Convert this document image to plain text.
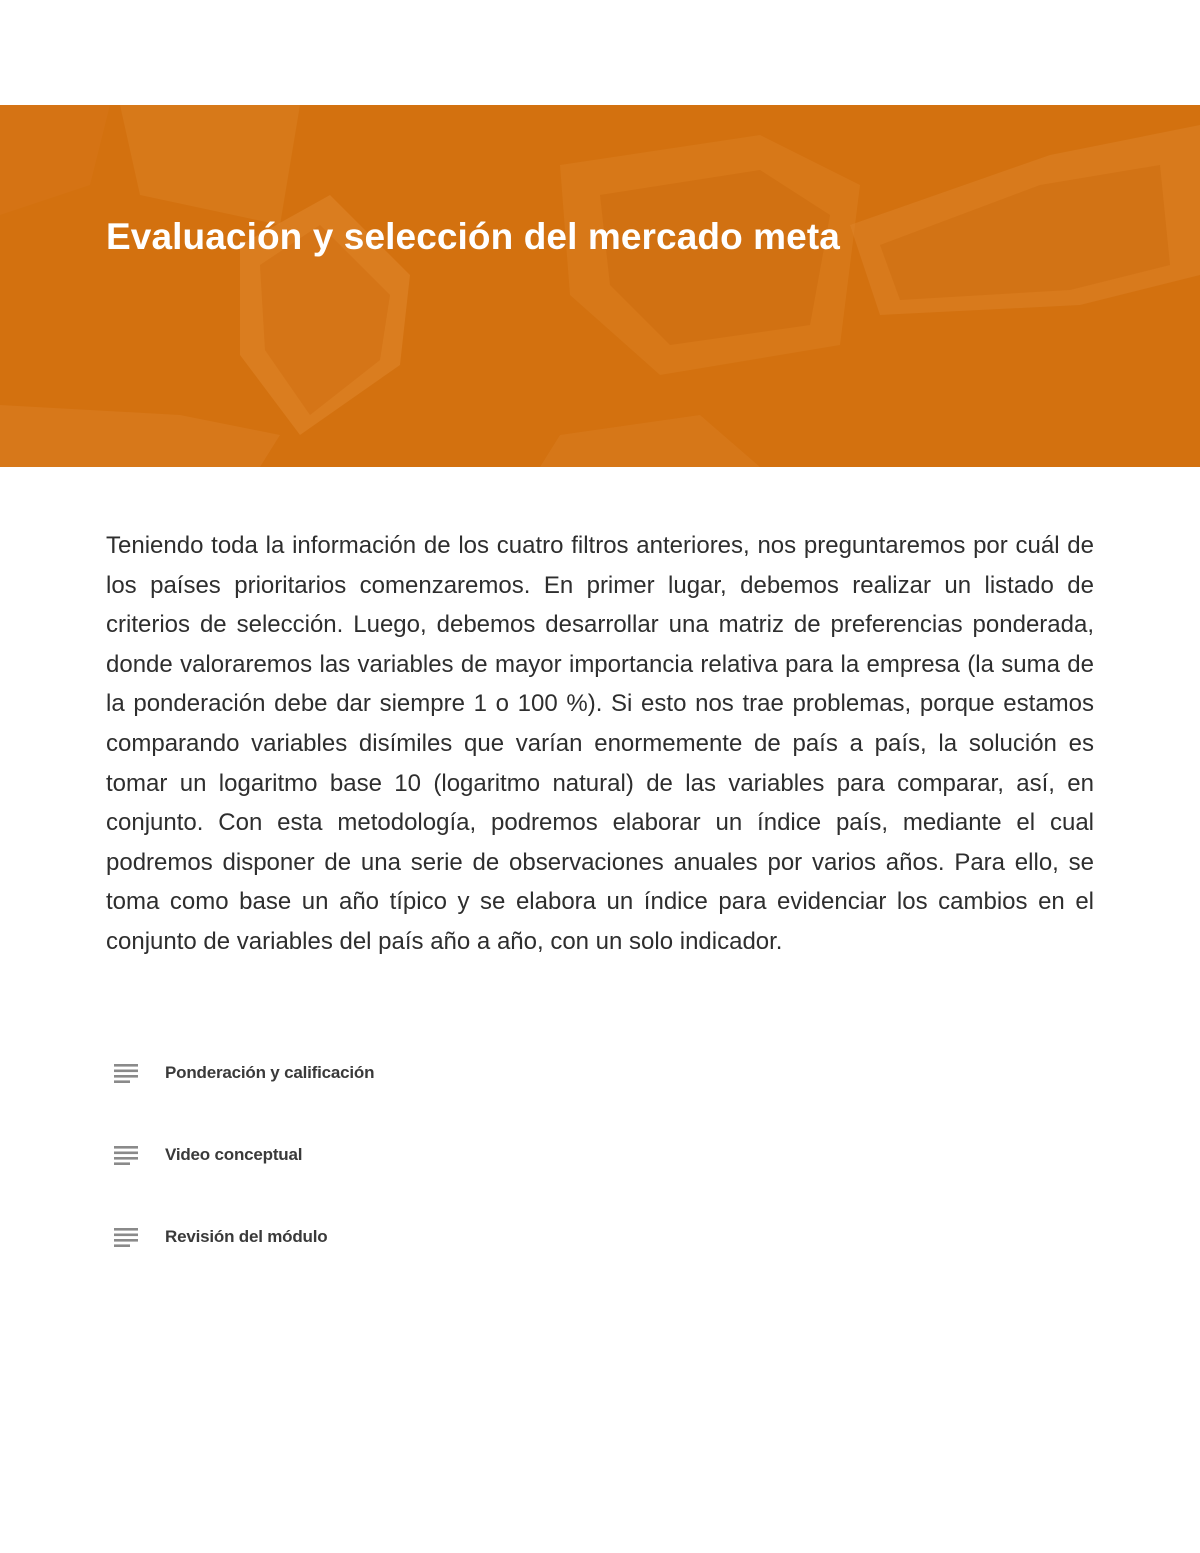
Evaluación y selección del mercado meta

Teniendo toda la información de los cuatro filtros anteriores, nos preguntaremos por cuál de los países prioritarios comenzaremos. En primer lugar, debemos realizar un listado de criterios de selección. Luego, debemos desarrollar una matriz de preferencias ponderada, donde valoraremos las variables de mayor importancia relativa para la empresa (la suma de la ponderación debe dar siempre 1 o 100 %). Si esto nos trae problemas, porque estamos comparando variables disímiles que varían enormemente de país a país, la solución es tomar un logaritmo base 10 (logaritmo natural) de las variables para comparar, así, en conjunto. Con esta metodología, podremos elaborar un índice país, mediante el cual podremos disponer de una serie de observaciones anuales por varios años. Para ello, se toma como base un año típico y se elabora un índice para evidenciar los cambios en el conjunto de variables del país año a año, con un solo indicador.

Ponderación y calificación
Video conceptual
Revisión del módulo
